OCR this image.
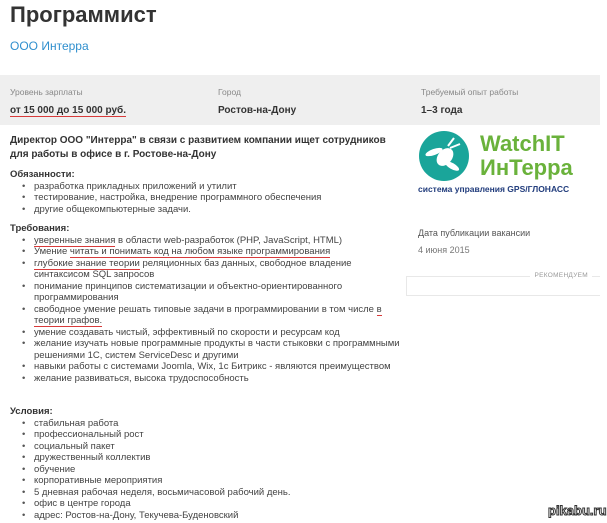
Программист
ООО Интерра
Уровень зарплаты
от 15 000 до 15 000 руб.
Город
Ростов-на-Дону
Требуемый опыт работы
1–3 года
Директор ООО "Интерра" в связи с развитием компании ищет сотрудников для работы в офисе в г. Ростове-на-Дону
Обязанности:
• разработка прикладных приложений и утилит
• тестирование, настройка, внедрение программного обеспечения
• другие общекомпьютерные задачи.
Требования:
• уверенные знания в области web-разработок (PHP, JavaScript, HTML)
• Умение читать и понимать код на любом языке программирования
• глубокие знание теории реляционных баз данных, свободное владение синтаксисом SQL запросов
• понимание принципов систематизации и объектно-ориентированного программирования
• свободное умение решать типовые задачи в программировании в том числе в теории графов.
• умение создавать чистый, эффективный по скорости и ресурсам код
• желание изучать новые программные продукты в части стыковки с программными решениями 1С, систем ServiceDesc и другими
• навыки работы с системами Joomla, Wix, 1c Битрикс - являются преимуществом
• желание развиваться, высока трудоспособность
Условия:
• стабильная работа
• профессиональный рост
• социальный пакет
• дружественный коллектив
• обучение
• корпоративные мероприятия
• 5 дневная рабочая неделя, восьмичасовой рабочий день.
• офис в центре города
• адрес: Ростов-на-Дону, Текучева-Буденовский
WatchIT
ИнТерра
система управления GPS/ГЛОНАСС
Дата публикации вакансии
4 июня 2015
РЕКОМЕНДУЕМ
pikabu.ru
